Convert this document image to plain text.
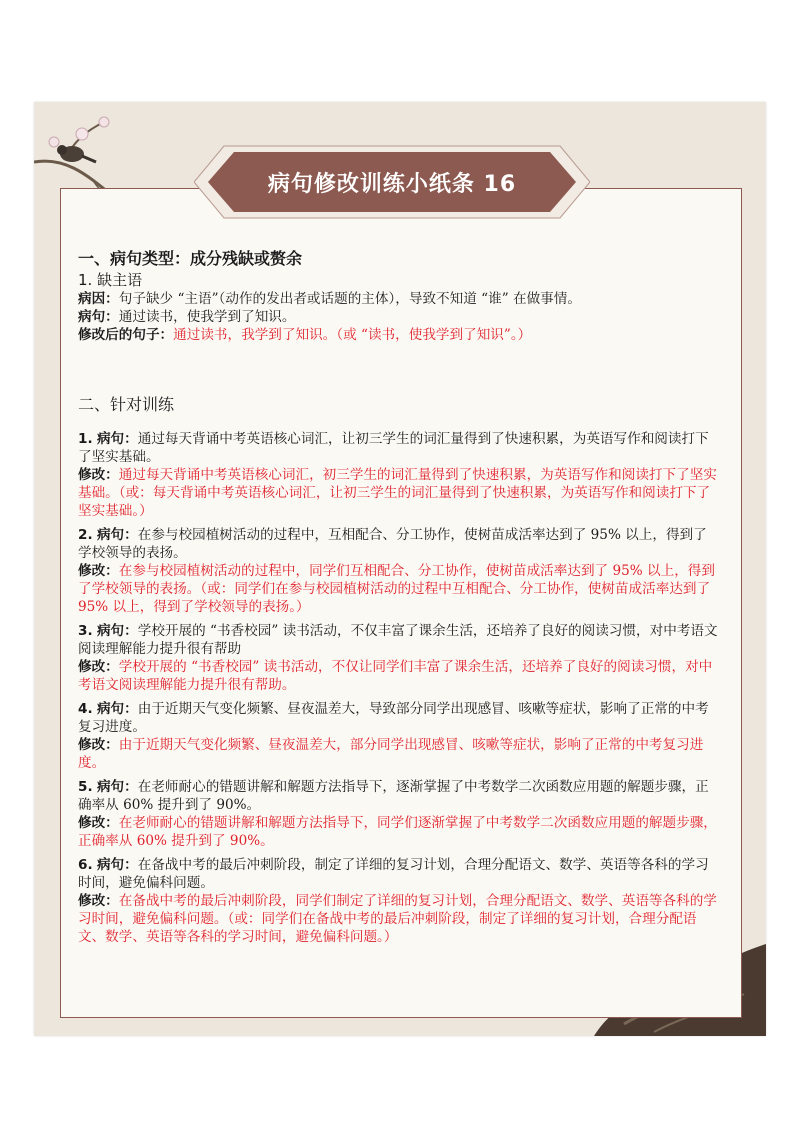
病句修改训练小纸条 16
一、病句类型：成分残缺或赘余
1. 缺主语

病因：句子缺少 “主语”（动作的发出者或话题的主体），导致不知道 “谁” 在做事情。

病句：通过读书，使我学到了知识。

修改后的句子：通过读书，我学到了知识。（或 “读书，使我学到了知识”。）

二、针对训练

1. 病句：通过每天背诵中考英语核心词汇，让初三学生的词汇量得到了快速积累，为英语写作和阅读打下了坚实基础。

修改：通过每天背诵中考英语核心词汇，初三学生的词汇量得到了快速积累，为英语写作和阅读打下了坚实基础。（或：每天背诵中考英语核心词汇，让初三学生的词汇量得到了快速积累，为英语写作和阅读打下了坚实基础。）

2. 病句：在参与校园植树活动的过程中，互相配合、分工协作，使树苗成活率达到了 95% 以上，得到了学校领导的表扬。

修改：在参与校园植树活动的过程中，同学们互相配合、分工协作，使树苗成活率达到了 95% 以上，得到了学校领导的表扬。（或：同学们在参与校园植树活动的过程中互相配合、分工协作，使树苗成活率达到了 95% 以上，得到了学校领导的表扬。）

3. 病句：学校开展的 “书香校园” 读书活动，不仅丰富了课余生活，还培养了良好的阅读习惯，对中考语文阅读理解能力提升很有帮助

修改：学校开展的 “书香校园” 读书活动，不仅让同学们丰富了课余生活，还培养了良好的阅读习惯，对中考语文阅读理解能力提升很有帮助。

4. 病句：由于近期天气变化频繁、昼夜温差大，导致部分同学出现感冒、咳嗽等症状，影响了正常的中考复习进度。

修改：由于近期天气变化频繁、昼夜温差大，部分同学出现感冒、咳嗽等症状，影响了正常的中考复习进度。

5. 病句：在老师耐心的错题讲解和解题方法指导下，逐渐掌握了中考数学二次函数应用题的解题步骤，正确率从 60% 提升到了 90%。

修改：在老师耐心的错题讲解和解题方法指导下，同学们逐渐掌握了中考数学二次函数应用题的解题步骤，正确率从 60% 提升到了 90%。

6. 病句：在备战中考的最后冲刺阶段，制定了详细的复习计划，合理分配语文、数学、英语等各科的学习时间，避免偏科问题。

修改：在备战中考的最后冲刺阶段，同学们制定了详细的复习计划，合理分配语文、数学、英语等各科的学习时间，避免偏科问题。（或：同学们在备战中考的最后冲刺阶段，制定了详细的复习计划，合理分配语文、数学、英语等各科的学习时间，避免偏科问题。）
